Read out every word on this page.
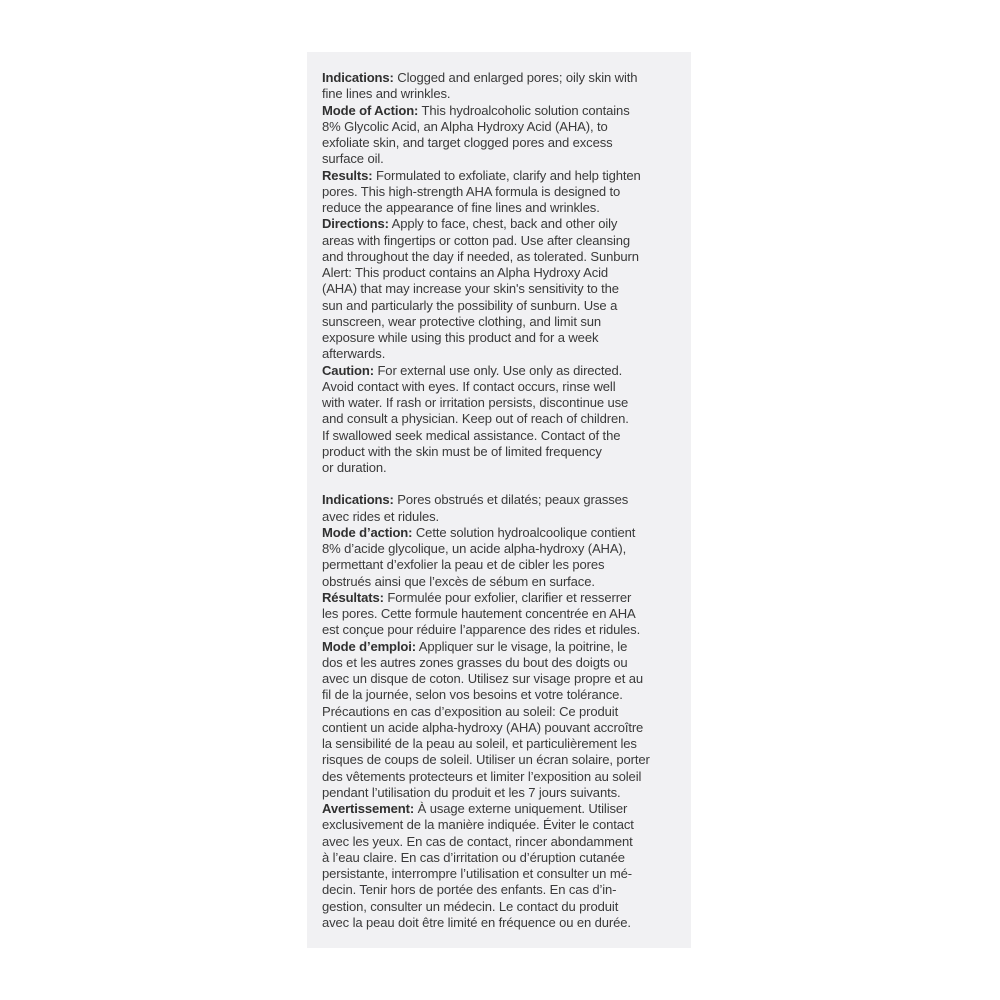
Indications: Clogged and enlarged pores; oily skin with

fine lines and wrinkles.

Mode of Action: This hydroalcoholic solution contains

8% Glycolic Acid, an Alpha Hydroxy Acid (AHA), to

exfoliate skin, and target clogged pores and excess

surface oil.

Results: Formulated to exfoliate, clarify and help tighten

pores. This high-strength AHA formula is designed to

reduce the appearance of fine lines and wrinkles.

Directions: Apply to face, chest, back and other oily

areas with fingertips or cotton pad. Use after cleansing

and throughout the day if needed, as tolerated. Sunburn

Alert: This product contains an Alpha Hydroxy Acid

(AHA) that may increase your skin's sensitivity to the

sun and particularly the possibility of sunburn. Use a

sunscreen, wear protective clothing, and limit sun

exposure while using this product and for a week

afterwards.

Caution: For external use only. Use only as directed.

Avoid contact with eyes. If contact occurs, rinse well

with water. If rash or irritation persists, discontinue use

and consult a physician. Keep out of reach of children.

If swallowed seek medical assistance. Contact of the

product with the skin must be of limited frequency

or duration.

Indications: Pores obstrués et dilatés; peaux grasses

avec rides et ridules.

Mode d’action: Cette solution hydroalcoolique contient

8% d’acide glycolique, un acide alpha-hydroxy (AHA),

permettant d’exfolier la peau et de cibler les pores

obstrués ainsi que l’excès de sébum en surface.

Résultats: Formulée pour exfolier, clarifier et resserrer

les pores. Cette formule hautement concentrée en AHA

est conçue pour réduire l’apparence des rides et ridules.

Mode d’emploi: Appliquer sur le visage, la poitrine, le

dos et les autres zones grasses du bout des doigts ou

avec un disque de coton. Utilisez sur visage propre et au

fil de la journée, selon vos besoins et votre tolérance.

Précautions en cas d’exposition au soleil: Ce produit

contient un acide alpha-hydroxy (AHA) pouvant accroître

la sensibilité de la peau au soleil, et particulièrement les

risques de coups de soleil. Utiliser un écran solaire, porter

des vêtements protecteurs et limiter l’exposition au soleil

pendant l’utilisation du produit et les 7 jours suivants.

Avertissement: À usage externe uniquement. Utiliser

exclusivement de la manière indiquée. Éviter le contact

avec les yeux. En cas de contact, rincer abondamment

à l’eau claire. En cas d’irritation ou d’éruption cutanée

persistante, interrompre l’utilisation et consulter un mé-

decin. Tenir hors de portée des enfants. En cas d’in-

gestion, consulter un médecin. Le contact du produit

avec la peau doit être limité en fréquence ou en durée.
